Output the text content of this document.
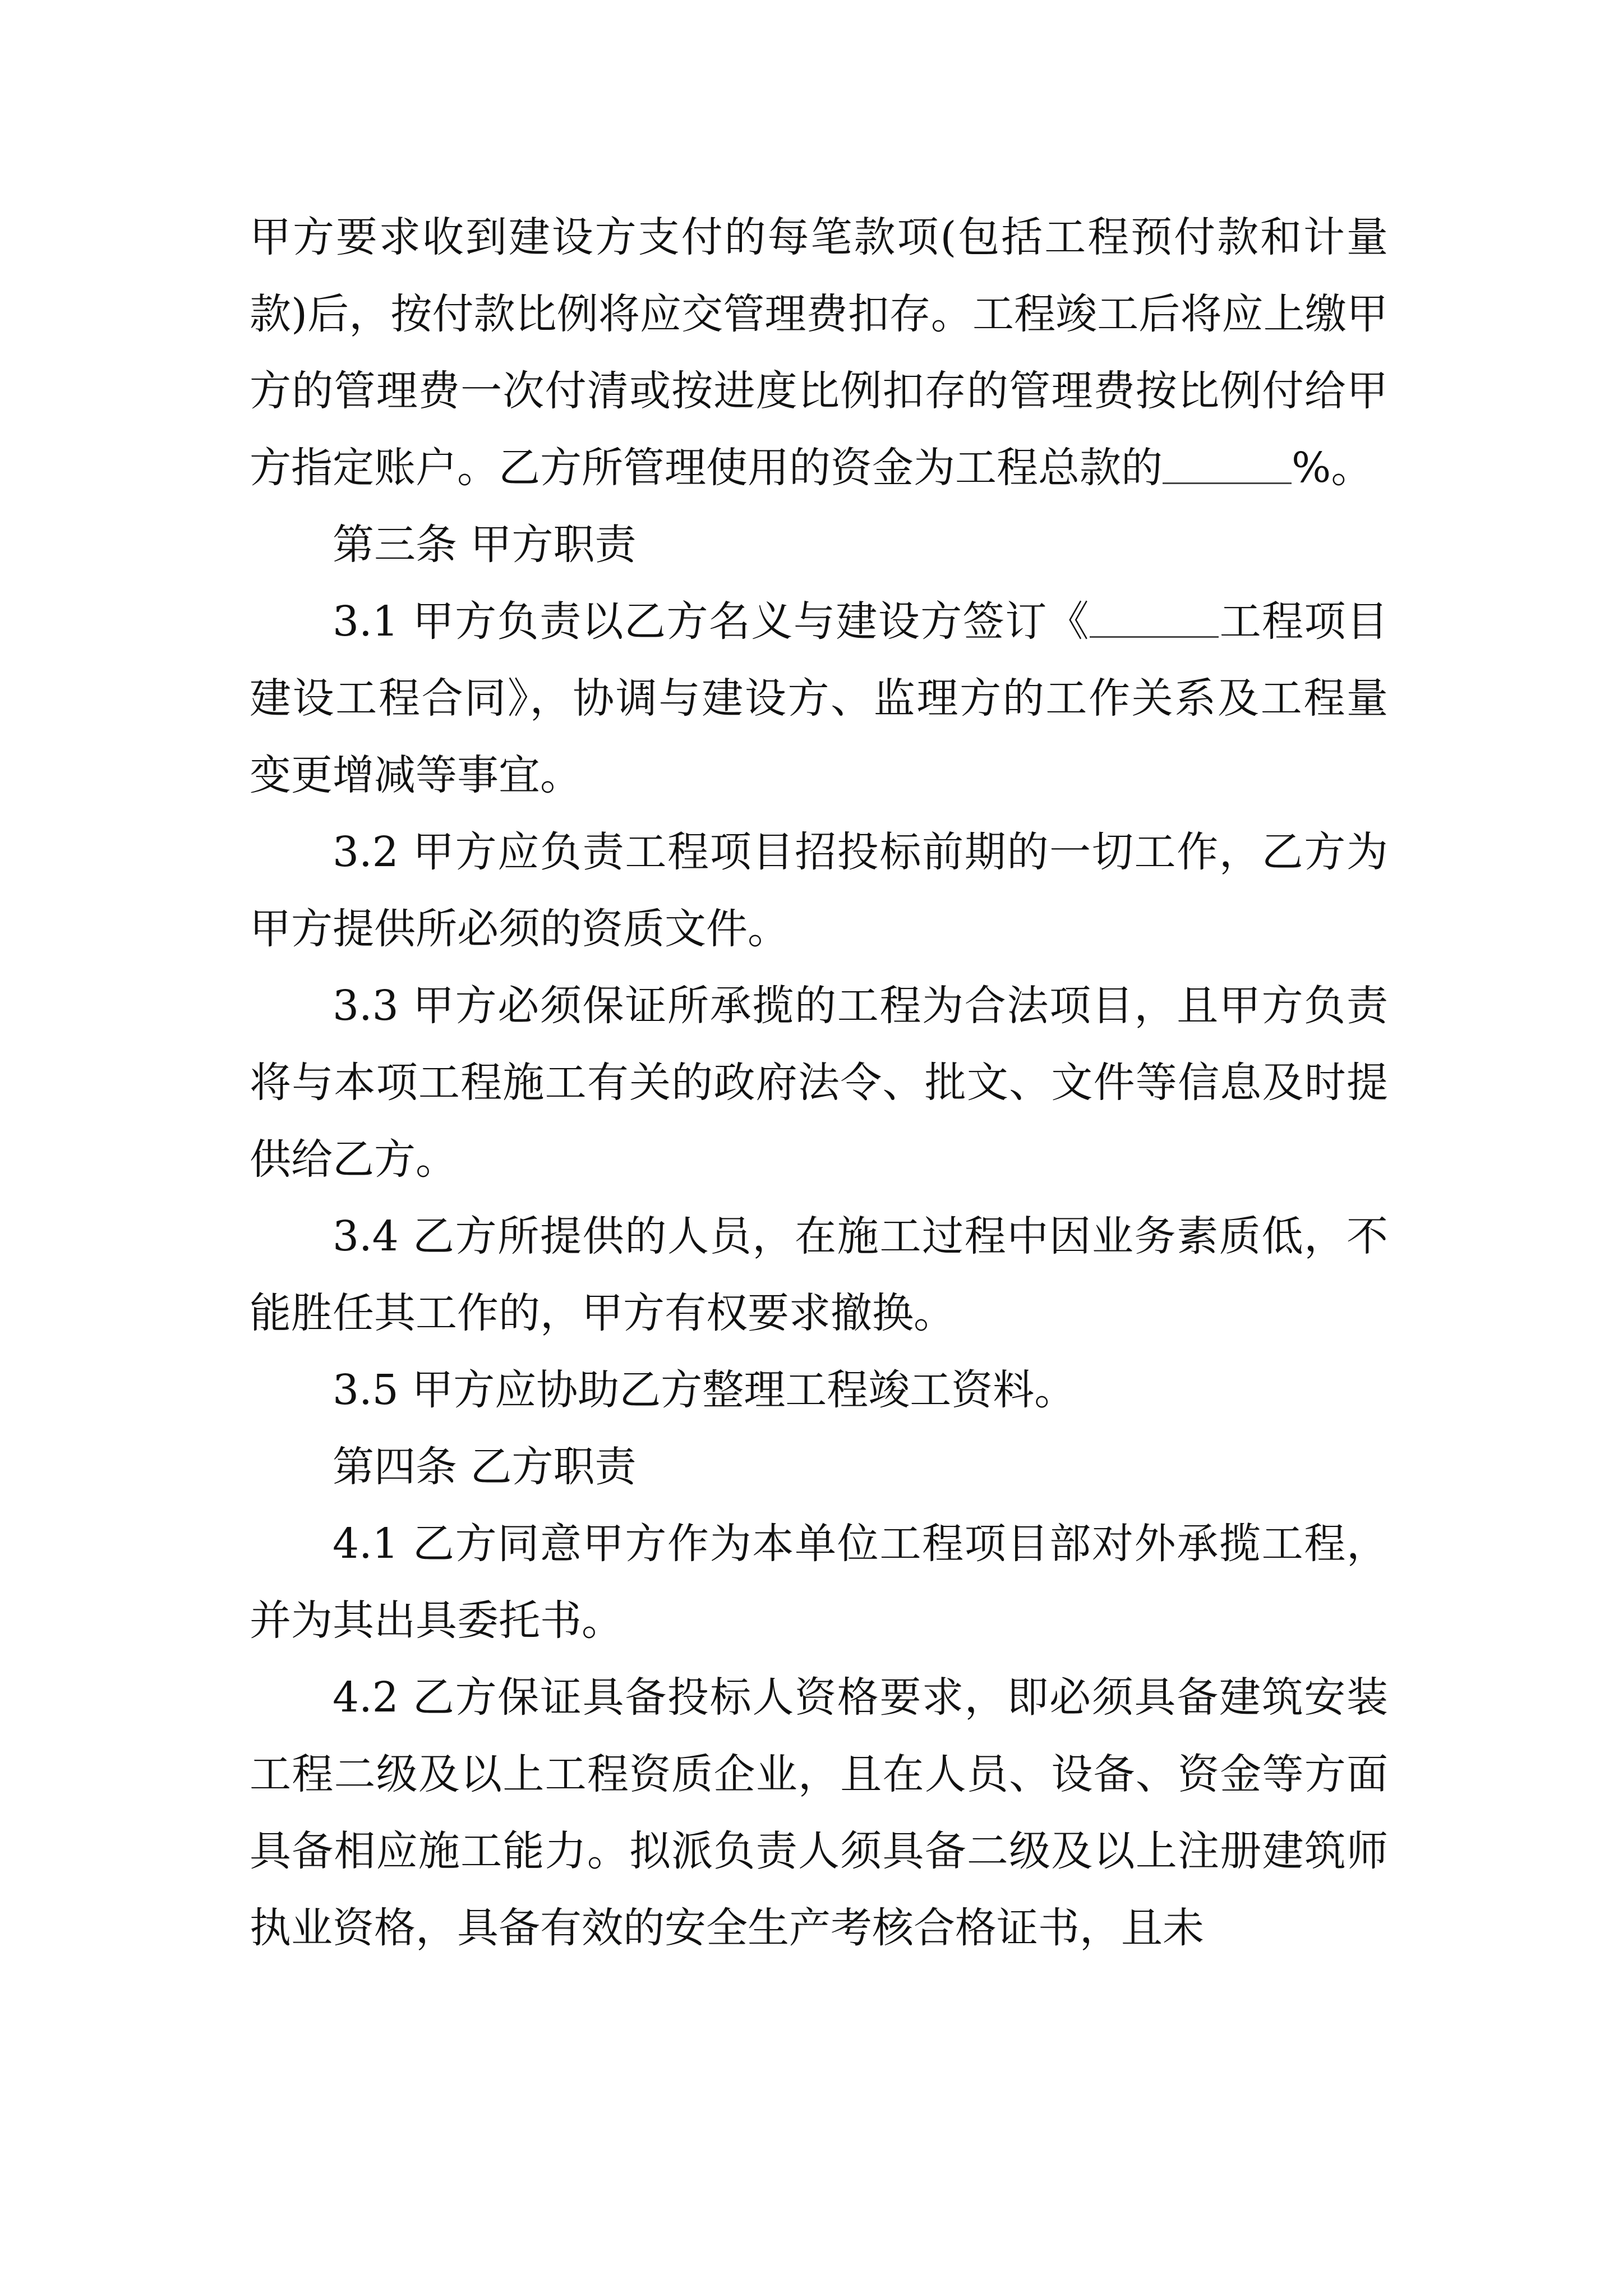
甲方要求收到建设方支付的每笔款项(包括工程预付款和计量款)后，按付款比例将应交管理费扣存。工程竣工后将应上缴甲方的管理费一次付清或按进度比例扣存的管理费按比例付给甲方指定账户。乙方所管理使用的资金为工程总款的	%。

第三条 甲方职责

3.1 甲方负责以乙方名义与建设方签订《	工程项目建设工程合同》，协调与建设方、监理方的工作关系及工程量变更增减等事宜。

3.2 甲方应负责工程项目招投标前期的一切工作，乙方为甲方提供所必须的资质文件。

3.3 甲方必须保证所承揽的工程为合法项目，且甲方负责将与本项工程施工有关的政府法令、批文、文件等信息及时提供给乙方。

3.4 乙方所提供的人员，在施工过程中因业务素质低，不能胜任其工作的，甲方有权要求撤换。

3.5 甲方应协助乙方整理工程竣工资料。

第四条 乙方职责

4.1 乙方同意甲方作为本单位工程项目部对外承揽工程，并为其出具委托书。

4.2 乙方保证具备投标人资格要求，即必须具备建筑安装工程二级及以上工程资质企业，且在人员、设备、资金等方面具备相应施工能力。拟派负责人须具备二级及以上注册建筑师执业资格，具备有效的安全生产考核合格证书，且未
